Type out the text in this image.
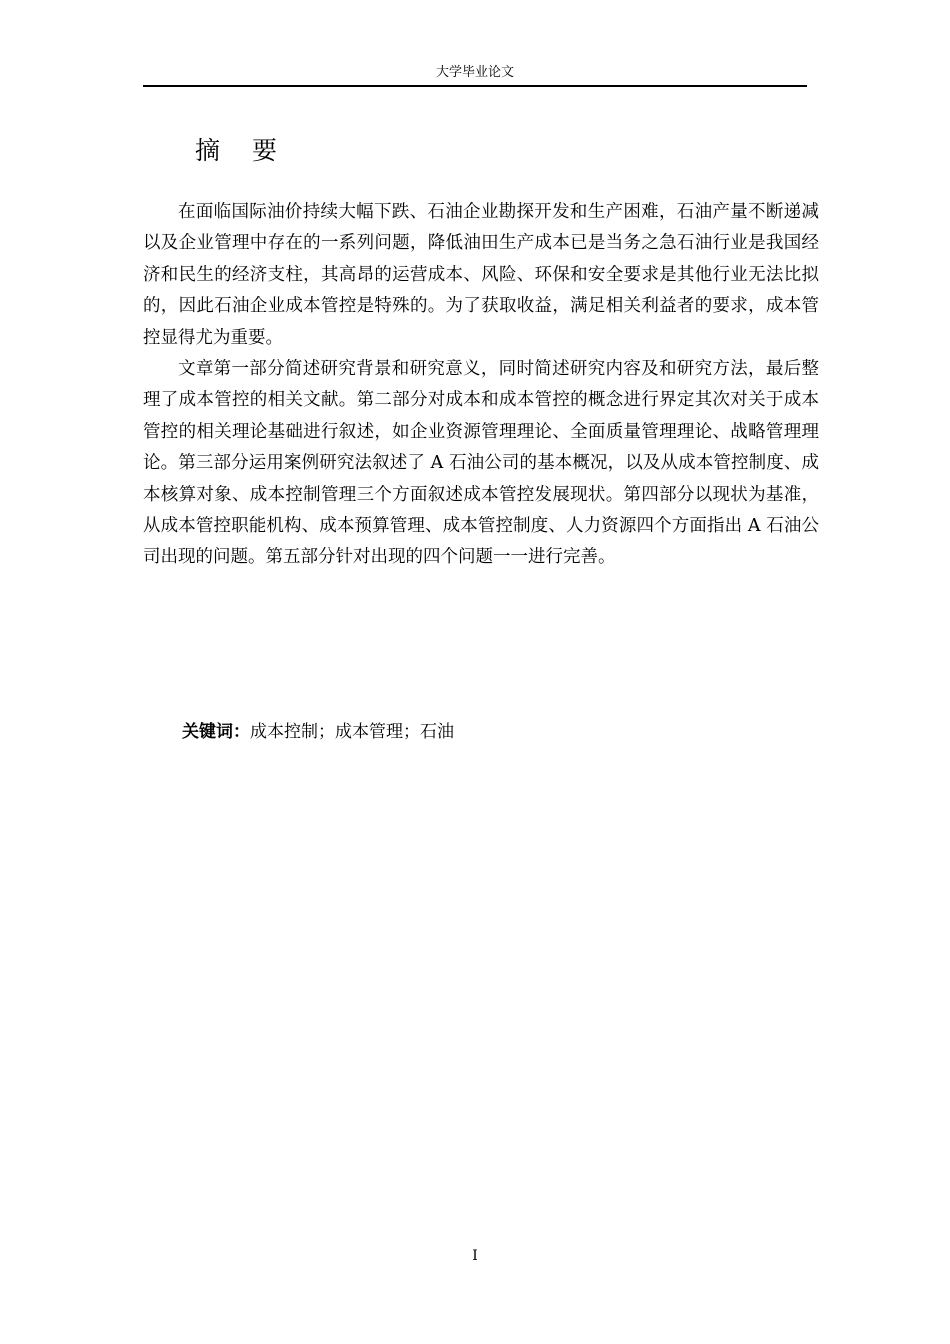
大学毕业论文
摘 要

在面临国际油价持续大幅下跌、石油企业勘探开发和生产困难，石油产量不断递减以及企业管理中存在的一系列问题，降低油田生产成本已是当务之急石油行业是我国经济和民生的经济支柱，其高昂的运营成本、风险、环保和安全要求是其他行业无法比拟的，因此石油企业成本管控是特殊的。为了获取收益，满足相关利益者的要求，成本管控显得尤为重要。

文章第一部分简述研究背景和研究意义，同时简述研究内容及和研究方法，最后整理了成本管控的相关文献。第二部分对成本和成本管控的概念进行界定其次对关于成本管控的相关理论基础进行叙述，如企业资源管理理论、全面质量管理理论、战略管理理论。第三部分运用案例研究法叙述了 A 石油公司的基本概况，以及从成本管控制度、成本核算对象、成本控制管理三个方面叙述成本管控发展现状。第四部分以现状为基准，从成本管控职能机构、成本预算管理、成本管控制度、人力资源四个方面指出 A 石油公司出现的问题。第五部分针对出现的四个问题一一进行完善。

关键词：成本控制；成本管理；石油
I
